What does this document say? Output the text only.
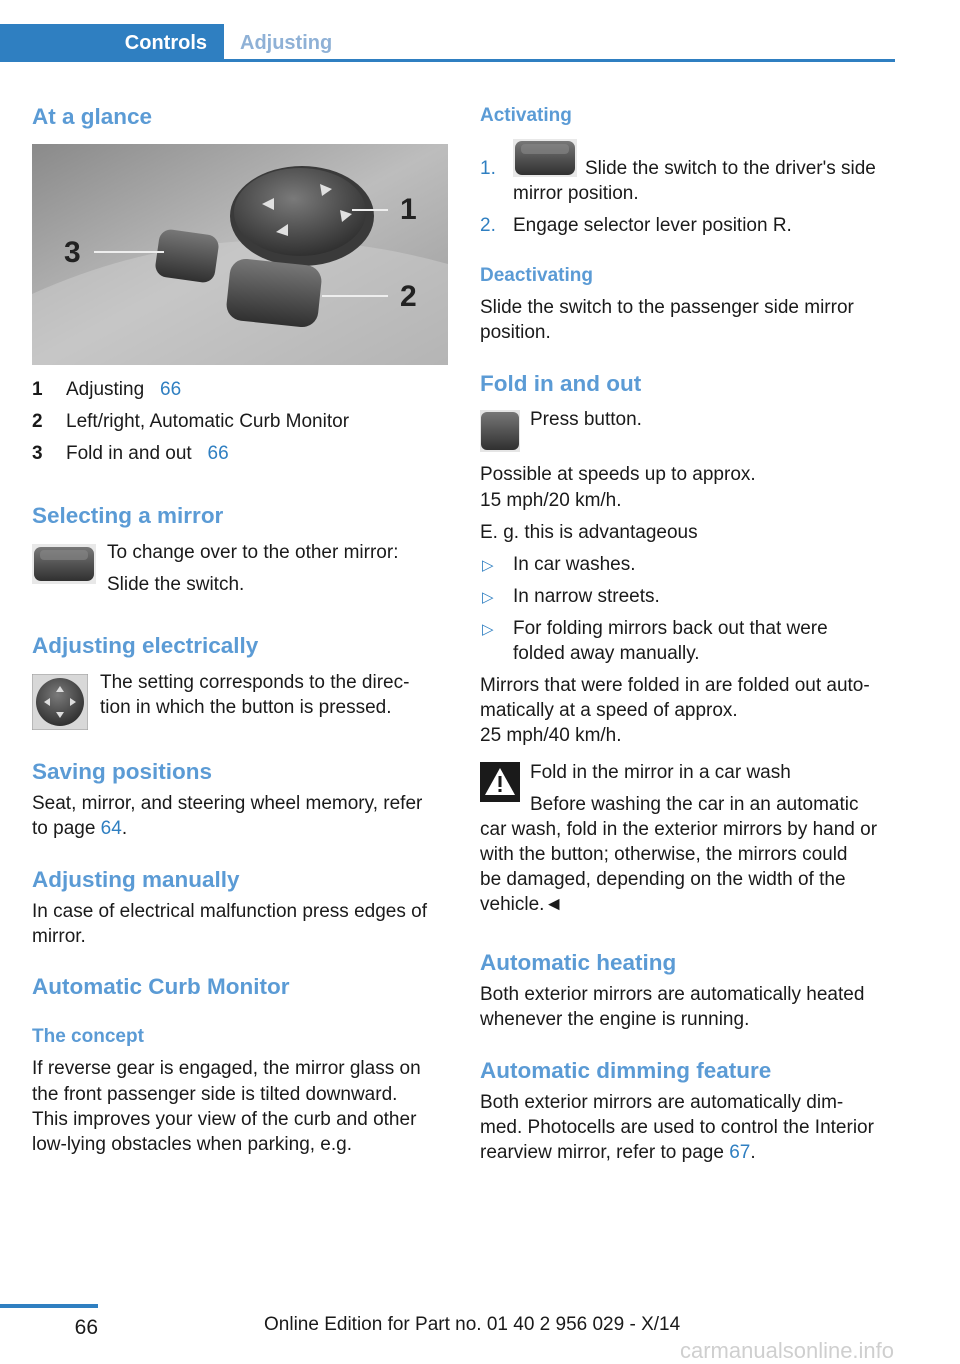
Controls	Adjusting
At a glance
1
2
3
1 Adjusting 66
2 Left/right, Automatic Curb Monitor
3 Fold in and out 66
Selecting a mirror
To change over to the other mirror:
Slide the switch.
Adjusting electrically
The setting corresponds to the direc‐
tion in which the button is pressed.
Saving positions
Seat, mirror, and steering wheel memory, refer
to page 64.
Adjusting manually
In case of electrical malfunction press edges of
mirror.
Automatic Curb Monitor
The concept
If reverse gear is engaged, the mirror glass on
the front passenger side is tilted downward.
This improves your view of the curb and other
low-lying obstacles when parking, e.g.
Activating
1.	Slide the switch to the driver's side
mirror position.
2. Engage selector lever position R.
Deactivating
Slide the switch to the passenger side mirror
position.
Fold in and out
Press button.
Possible at speeds up to approx.
15 mph/20 km/h.
E. g. this is advantageous
▷ In car washes.
▷ In narrow streets.
▷ For folding mirrors back out that were
folded away manually.
Mirrors that were folded in are folded out auto‐
matically at a speed of approx.
25 mph/40 km/h.
Fold in the mirror in a car wash
Before washing the car in an automatic
car wash, fold in the exterior mirrors by hand or
with the button; otherwise, the mirrors could
be damaged, depending on the width of the
vehicle.◄
Automatic heating
Both exterior mirrors are automatically heated
whenever the engine is running.
Automatic dimming feature
Both exterior mirrors are automatically dim‐
med. Photocells are used to control the Interior
rearview mirror, refer to page 67.
66	Online Edition for Part no. 01 40 2 956 029 - X/14
carmanualsonline.info
